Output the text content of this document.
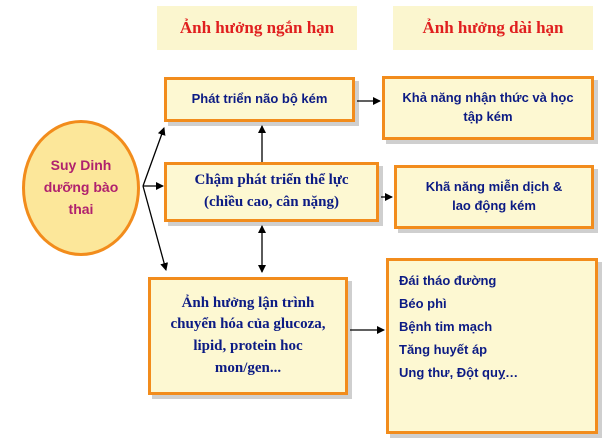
Ảnh hưởng ngắn hạn	Ảnh hưởng dài hạn
Suy Dinh
dưỡng bào
thai
Phát triển não bộ kém
Chậm phát triển thể lực
(chiều cao, cân nặng)
Ảnh hưởng lận trình
chuyển hóa của glucoza,
lipid, protein hoc
mon/gen...
Khả năng nhận thức và học
tập kém
Khã năng miễn dịch &
lao động kém
Đái tháo đường
Béo phì
Bệnh tim mạch
Tăng huyết áp
Ung thư, Đột quỵ…
